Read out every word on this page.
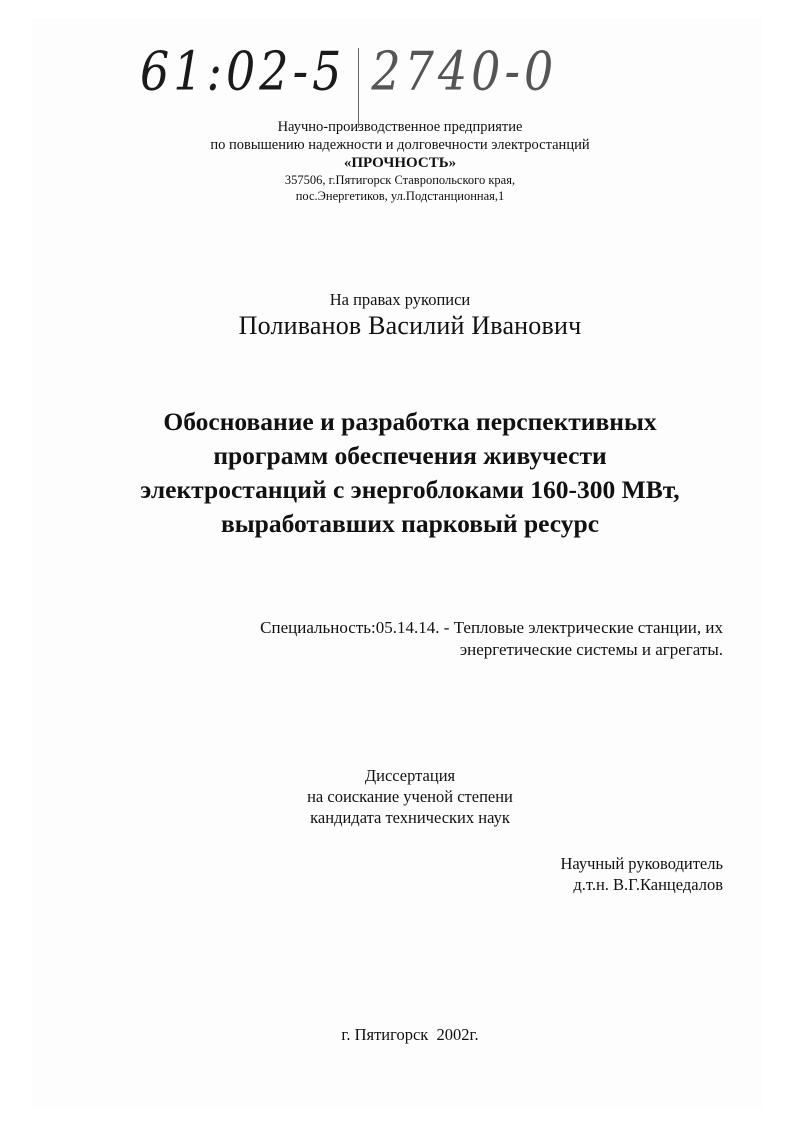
61:02-5 2740-0
Научно-производственное предприятие
по повышению надежности и долговечности электростанций
«ПРОЧНОСТЬ»
357506, г.Пятигорск Ставропольского края,
пос.Энергетиков, ул.Подстанционная,1
На правах рукописи
Поливанов Василий Иванович
Обоснование и разработка перспективных
программ обеспечения живучести
электростанций с энергоблоками 160-300 МВт,
выработавших парковый ресурс
Специальность:05.14.14. - Тепловые электрические станции, их
энергетические системы и агрегаты.
Диссертация
на соискание ученой степени
кандидата технических наук
Научный руководитель
д.т.н. В.Г.Канцедалов
г. Пятигорск  2002г.
